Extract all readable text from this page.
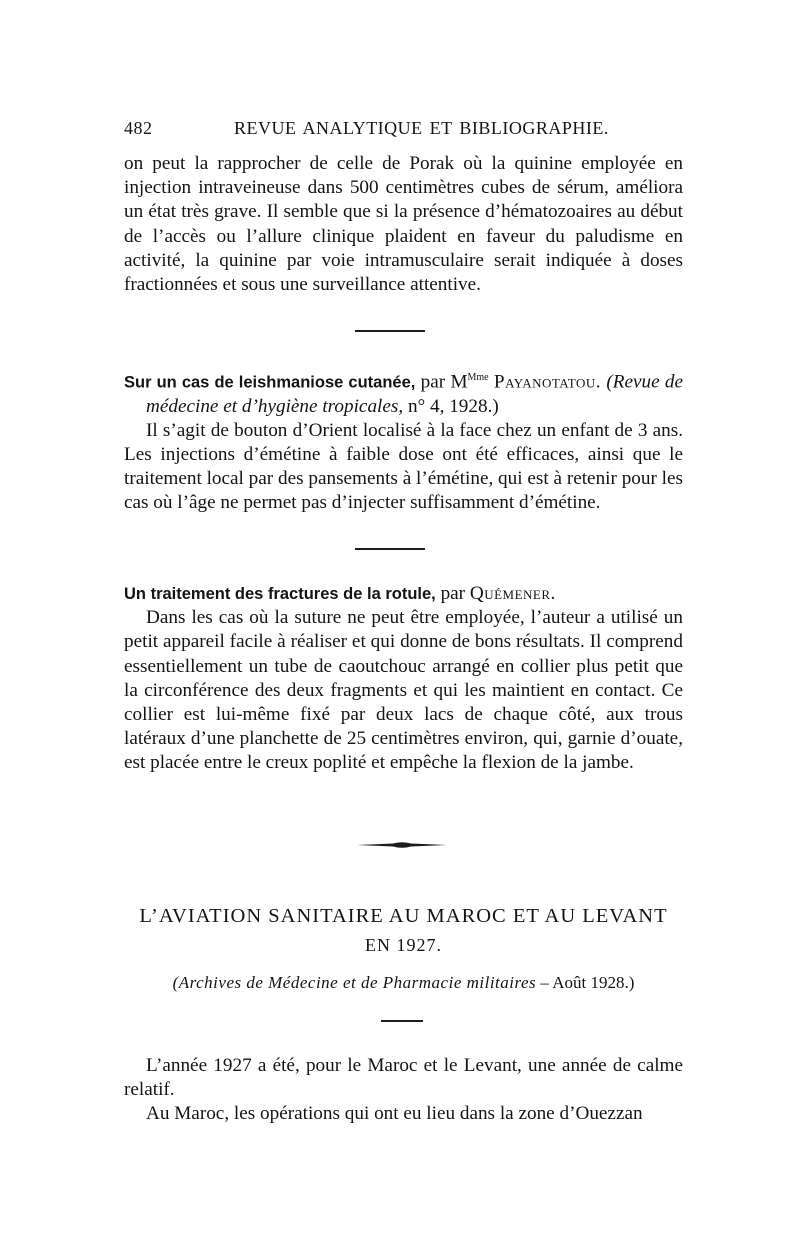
482	REVUE ANALYTIQUE ET BIBLIOGRAPHIE.

on peut la rapprocher de celle de Porak où la quinine employée en injection intraveineuse dans 500 centimètres cubes de sérum, améliora un état très grave. Il semble que si la présence d’hématozoaires au début de l’accès ou l’allure clinique plaident en faveur du paludisme en activité, la quinine par voie intramusculaire serait indiquée à doses fractionnées et sous une surveillance attentive.

Sur un cas de leishmaniose cutanée, par $M^{Mme}$ Payanotatou. (Revue de médecine et d’hygiène tropicales, n° 4, 1928.)

Il s’agit de bouton d’Orient localisé à la face chez un enfant de 3 ans. Les injections d’émétine à faible dose ont été efficaces, ainsi que le traitement local par des pansements à l’émétine, qui est à retenir pour les cas où l’âge ne permet pas d’injecter suffisamment d’émétine.

Un traitement des fractures de la rotule, par Quémener.

Dans les cas où la suture ne peut être employée, l’auteur a utilisé un petit appareil facile à réaliser et qui donne de bons résultats. Il comprend essentiellement un tube de caoutchouc arrangé en collier plus petit que la circonférence des deux fragments et qui les maintient en contact. Ce collier est lui-même fixé par deux lacs de chaque côté, aux trous latéraux d’une planchette de 25 centimètres environ, qui, garnie d’ouate, est placée entre le creux poplité et empêche la flexion de la jambe.

L’AVIATION SANITAIRE AU MAROC ET AU LEVANT
EN 1927.
(Archives de Médecine et de Pharmacie militaires – Août 1928.)

L’année 1927 a été, pour le Maroc et le Levant, une année de calme relatif.

Au Maroc, les opérations qui ont eu lieu dans la zone d’Ouezzan
